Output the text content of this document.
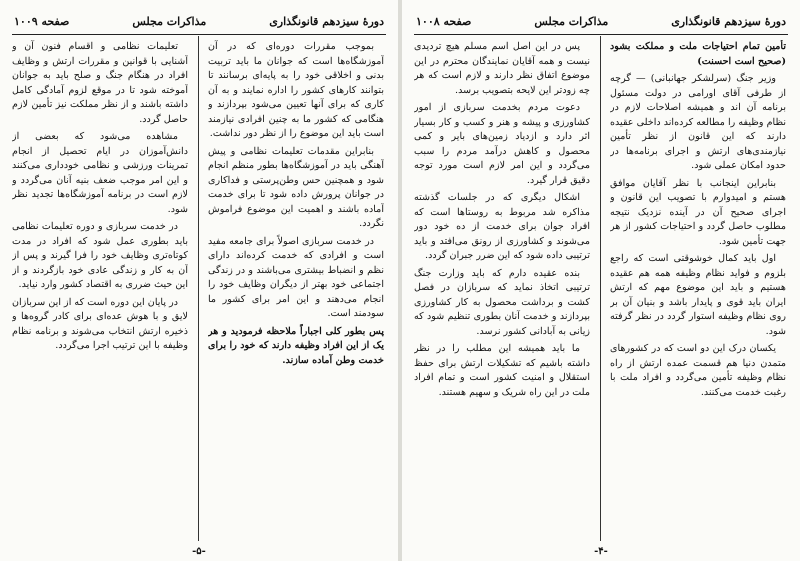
دورهٔ سیزدهم قانونگذاری
مذاکرات مجلس
صفحه ۱۰۰۹

بموجب مقررات دوره‌ای که در آن آموزشگاه‌ها است که جوانان ما باید تربیت بدنی و اخلاقی خود را به پایه‌ای برسانند تا بتوانند کارهای کشور را اداره نمایند و به آن کاری که برای آنها تعیین می‌شود بپردازند و هنگامی که کشور ما به چنین افرادی نیازمند است باید این موضوع را از نظر دور نداشت.

بنابراین مقدمات تعلیمات نظامی و پیش آهنگی باید در آموزشگاه‌ها بطور منظم انجام شود و همچنین حس وطن‌پرستی و فداکاری در جوانان پرورش داده شود تا برای خدمت آماده باشند و اهمیت این موضوع فراموش نگردد.

در خدمت سربازی اصولاً برای جامعه مفید است و افرادی که خدمت کرده‌اند دارای نظم و انضباط بیشتری می‌باشند و در زندگی اجتماعی خود بهتر از دیگران وظایف خود را انجام می‌دهند و این امر برای کشور ما سودمند است.

پس بطور کلی اجباراً ملاحظه فرمودید و هر یک از این افراد وظیفه دارند که خود را برای خدمت وطن آماده سازند.

تعلیمات نظامی و اقسام فنون آن و آشنایی با قوانین و مقررات ارتش و وظایف افراد در هنگام جنگ و صلح باید به جوانان آموخته شود تا در موقع لزوم آمادگی کامل داشته باشند و از نظر مملکت نیز تأمین لازم حاصل گردد.

مشاهده می‌شود که بعضی از دانش‌آموزان در ایام تحصیل از انجام تمرینات ورزشی و نظامی خودداری می‌کنند و این امر موجب ضعف بنیه آنان می‌گردد و لازم است در برنامه آموزشگاه‌ها تجدید نظر شود.

در خدمت سربازی و دوره تعلیمات نظامی باید بطوری عمل شود که افراد در مدت کوتاه‌تری وظایف خود را فرا گیرند و پس از آن به کار و زندگی عادی خود بازگردند و از این حیث ضرری به اقتصاد کشور وارد نیاید.

در پایان این دوره است که از این سربازان لایق و با هوش عده‌ای برای کادر گروه‌ها و ذخیره ارتش انتخاب می‌شوند و برنامه نظام وظیفه با این ترتیب اجرا می‌گردد.

-۵-
دورهٔ سیزدهم قانونگذاری
مذاکرات مجلس
صفحه ۱۰۰۸

تأمین تمام احتیاجات ملت و مملکت بشود (صحیح است احسنت)

وزیر جنگ (سرلشکر جهانبانی) — گرچه از طرفی آقای اورامی در دولت مسئول برنامه آن اند و همیشه اصلاحات لازم در نظام وظیفه را مطالعه کرده‌اند داخلی عقیده دارند که این قانون از نظر تأمین نیازمندی‌های ارتش و اجرای برنامه‌ها در حدود امکان عملی شود.

بنابراین اینجانب با نظر آقایان موافق هستم و امیدوارم با تصویب این قانون و اجرای صحیح آن در آینده نزدیک نتیجه مطلوب حاصل گردد و احتیاجات کشور از هر جهت تأمین شود.

اول باید کمال خوشوقتی است که راجع بلزوم و فواید نظام وظیفه همه هم عقیده هستیم و باید این موضوع مهم که ارتش ایران باید قوی و پایدار باشد و بنیان آن بر روی نظام وظیفه استوار گردد در نظر گرفته شود.

یکسان درک این دو است که در کشورهای متمدن دنیا هم قسمت عمده ارتش از راه نظام وظیفه تأمین می‌گردد و افراد ملت با رغبت خدمت می‌کنند.

پس در این اصل اسم مسلم هیچ تردیدی نیست و همه آقایان نمایندگان محترم در این موضوع اتفاق نظر دارند و لازم است که هر چه زودتر این لایحه بتصویب برسد.

دعوت مردم بخدمت سربازی از امور کشاورزی و پیشه و هنر و کسب و کار بسیار اثر دارد و ازدیاد زمین‌های بایر و کمی محصول و کاهش درآمد مردم را سبب می‌گردد و این امر لازم است مورد توجه دقیق قرار گیرد.

اشکال دیگری که در جلسات گذشته مذاکره شد مربوط به روستاها است که افراد جوان برای خدمت از ده خود دور می‌شوند و کشاورزی از رونق می‌افتد و باید ترتیبی داده شود که این ضرر جبران گردد.

بنده عقیده دارم که باید وزارت جنگ ترتیبی اتخاذ نماید که سربازان در فصل کشت و برداشت محصول به کار کشاورزی بپردازند و خدمت آنان بطوری تنظیم شود که زیانی به آبادانی کشور نرسد.

ما باید همیشه این مطلب را در نظر داشته باشیم که تشکیلات ارتش برای حفظ استقلال و امنیت کشور است و تمام افراد ملت در این راه شریک و سهیم هستند.

-۴-
